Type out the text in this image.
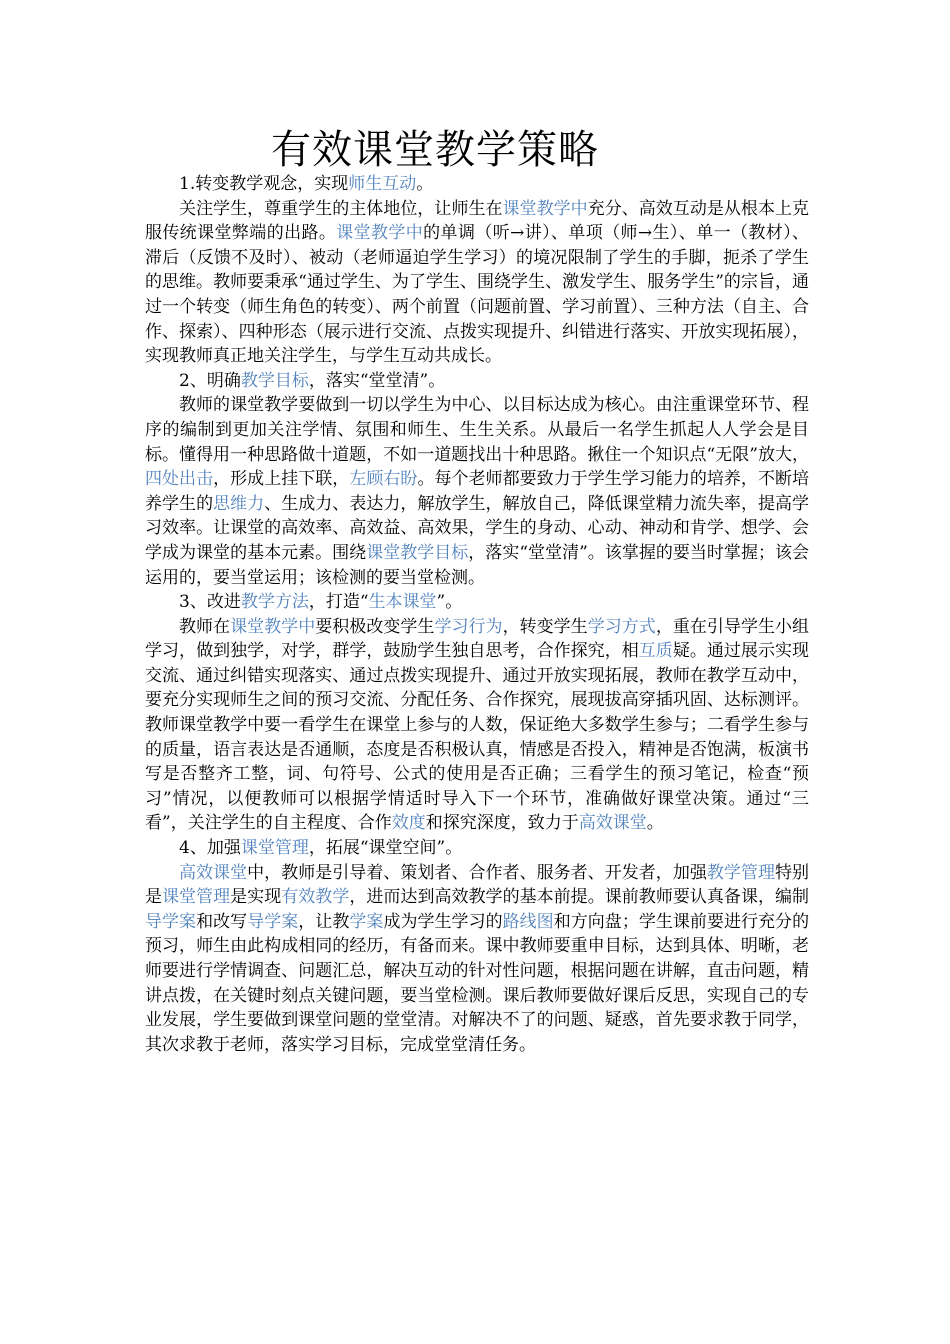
有效课堂教学策略

1.转变教学观念，实现师生互动。

关注学生，尊重学生的主体地位，让师生在课堂教学中充分、高效互动是从根本上克服传统课堂弊端的出路。课堂教学中的单调（听→讲）、单项（师→生）、单一（教材）、滞后（反馈不及时）、被动（老师逼迫学生学习）的境况限制了学生的手脚，扼杀了学生的思维。教师要秉承“通过学生、为了学生、围绕学生、激发学生、服务学生”的宗旨，通过一个转变（师生角色的转变）、两个前置（问题前置、学习前置）、三种方法（自主、合作、探索）、四种形态（展示进行交流、点拨实现提升、纠错进行落实、开放实现拓展），实现教师真正地关注学生，与学生互动共成长。

2、明确教学目标，落实“堂堂清”。

教师的课堂教学要做到一切以学生为中心、以目标达成为核心。由注重课堂环节、程序的编制到更加关注学情、氛围和师生、生生关系。从最后一名学生抓起人人学会是目标。懂得用一种思路做十道题，不如一道题找出十种思路。揪住一个知识点“无限”放大，四处出击，形成上挂下联，左顾右盼。每个老师都要致力于学生学习能力的培养，不断培养学生的思维力、生成力、表达力，解放学生，解放自己，降低课堂精力流失率，提高学习效率。让课堂的高效率、高效益、高效果，学生的身动、心动、神动和肯学、想学、会学成为课堂的基本元素。围绕课堂教学目标，落实“堂堂清”。该掌握的要当时掌握；该会运用的，要当堂运用；该检测的要当堂检测。

3、改进教学方法，打造“生本课堂”。

教师在课堂教学中要积极改变学生学习行为，转变学生学习方式，重在引导学生小组学习，做到独学，对学，群学，鼓励学生独自思考，合作探究，相互质疑。通过展示实现交流、通过纠错实现落实、通过点拨实现提升、通过开放实现拓展，教师在教学互动中，要充分实现师生之间的预习交流、分配任务、合作探究，展现拔高穿插巩固、达标测评。教师课堂教学中要一看学生在课堂上参与的人数，保证绝大多数学生参与；二看学生参与的质量，语言表达是否通顺，态度是否积极认真，情感是否投入，精神是否饱满，板演书写是否整齐工整，词、句符号、公式的使用是否正确；三看学生的预习笔记，检查“预习”情况，以便教师可以根据学情适时导入下一个环节，准确做好课堂决策。通过“三看”，关注学生的自主程度、合作效度和探究深度，致力于高效课堂。

4、加强课堂管理，拓展“课堂空间”。

高效课堂中，教师是引导着、策划者、合作者、服务者、开发者，加强教学管理特别是课堂管理是实现有效教学，进而达到高效教学的基本前提。课前教师要认真备课，编制导学案和改写导学案，让教学案成为学生学习的路线图和方向盘；学生课前要进行充分的预习，师生由此构成相同的经历，有备而来。课中教师要重申目标，达到具体、明晰，老师要进行学情调查、问题汇总，解决互动的针对性问题，根据问题在讲解，直击问题，精讲点拨，在关键时刻点关键问题，要当堂检测。课后教师要做好课后反思，实现自己的专业发展，学生要做到课堂问题的堂堂清。对解决不了的问题、疑惑，首先要求教于同学，其次求教于老师，落实学习目标，完成堂堂清任务。
